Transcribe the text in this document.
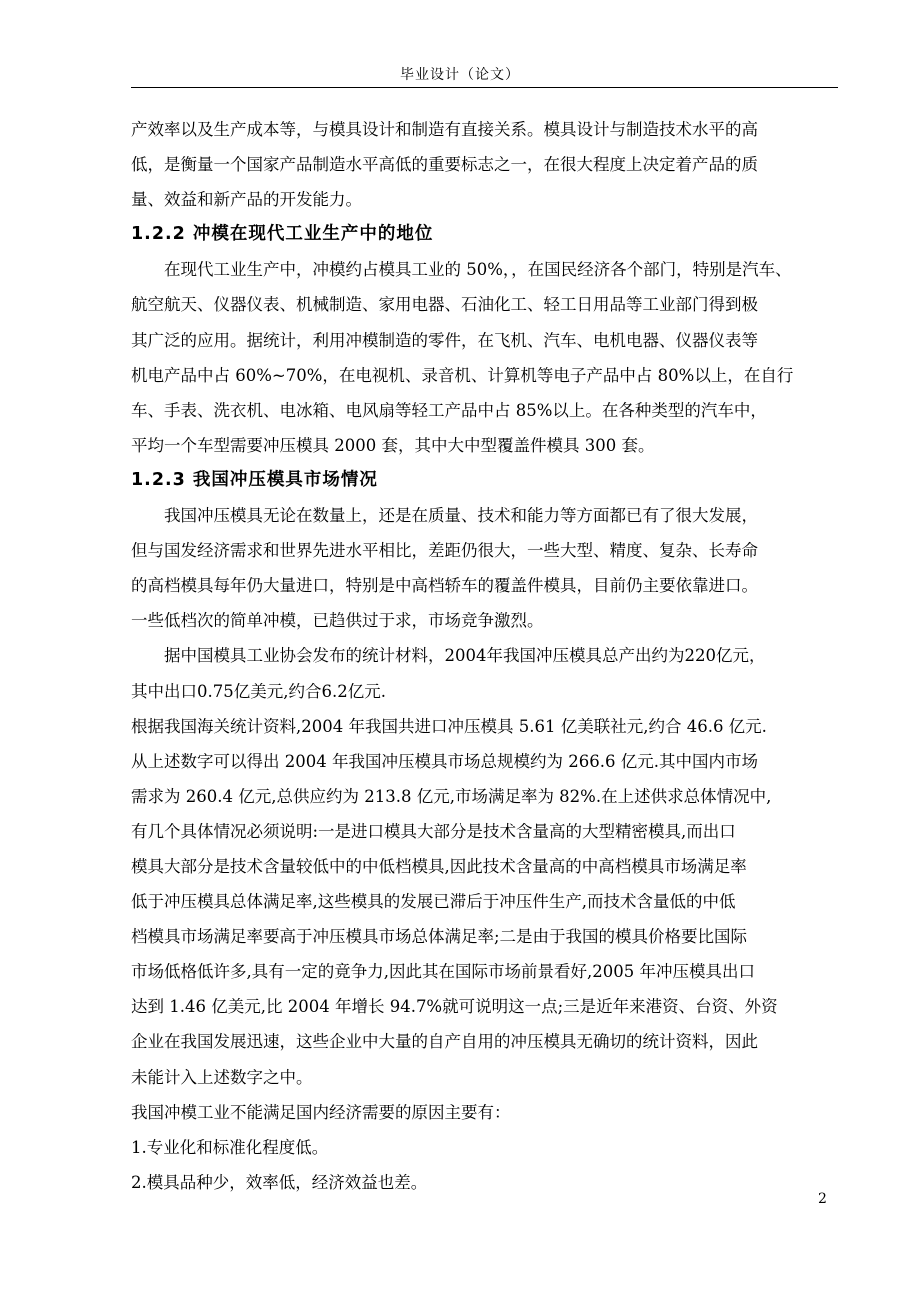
毕业设计（论文）
产效率以及生产成本等，与模具设计和制造有直接关系。模具设计与制造技术水平的高
低，是衡量一个国家产品制造水平高低的重要标志之一，在很大程度上决定着产品的质
量、效益和新产品的开发能力。
1.2.2 冲模在现代工业生产中的地位
在现代工业生产中，冲模约占模具工业的 50%，，在国民经济各个部门，特别是汽车、
航空航天、仪器仪表、机械制造、家用电器、石油化工、轻工日用品等工业部门得到极
其广泛的应用。据统计，利用冲模制造的零件，在飞机、汽车、电机电器、仪器仪表等
机电产品中占 60%~70%，在电视机、录音机、计算机等电子产品中占 80%以上，在自行
车、手表、洗衣机、电冰箱、电风扇等轻工产品中占 85%以上。在各种类型的汽车中，
平均一个车型需要冲压模具 2000 套，其中大中型覆盖件模具 300 套。
1.2.3 我国冲压模具市场情况
我国冲压模具无论在数量上，还是在质量、技术和能力等方面都已有了很大发展，
但与国发经济需求和世界先进水平相比，差距仍很大，一些大型、精度、复杂、长寿命
的高档模具每年仍大量进口，特别是中高档轿车的覆盖件模具，目前仍主要依靠进口。
一些低档次的简单冲模，已趋供过于求，市场竞争激烈。
据中国模具工业协会发布的统计材料，2004年我国冲压模具总产出约为220亿元，
其中出口0.75亿美元,约合6.2亿元.
根据我国海关统计资料,2004 年我国共进口冲压模具 5.61 亿美联社元,约合 46.6 亿元.
从上述数字可以得出 2004 年我国冲压模具市场总规模约为 266.6 亿元.其中国内市场
需求为 260.4 亿元,总供应约为 213.8 亿元,市场满足率为 82%.在上述供求总体情况中,
有几个具体情况必须说明:一是进口模具大部分是技术含量高的大型精密模具,而出口
模具大部分是技术含量较低中的中低档模具,因此技术含量高的中高档模具市场满足率
低于冲压模具总体满足率,这些模具的发展已滞后于冲压件生产,而技术含量低的中低
档模具市场满足率要高于冲压模具市场总体满足率;二是由于我国的模具价格要比国际
市场低格低许多,具有一定的竟争力,因此其在国际市场前景看好,2005 年冲压模具出口
达到 1.46 亿美元,比 2004 年增长 94.7%就可说明这一点;三是近年来港资、台资、外资
企业在我国发展迅速，这些企业中大量的自产自用的冲压模具无确切的统计资料，因此
未能计入上述数字之中。
我国冲模工业不能满足国内经济需要的原因主要有：
1.专业化和标准化程度低。
2.模具品种少，效率低，经济效益也差。
2
